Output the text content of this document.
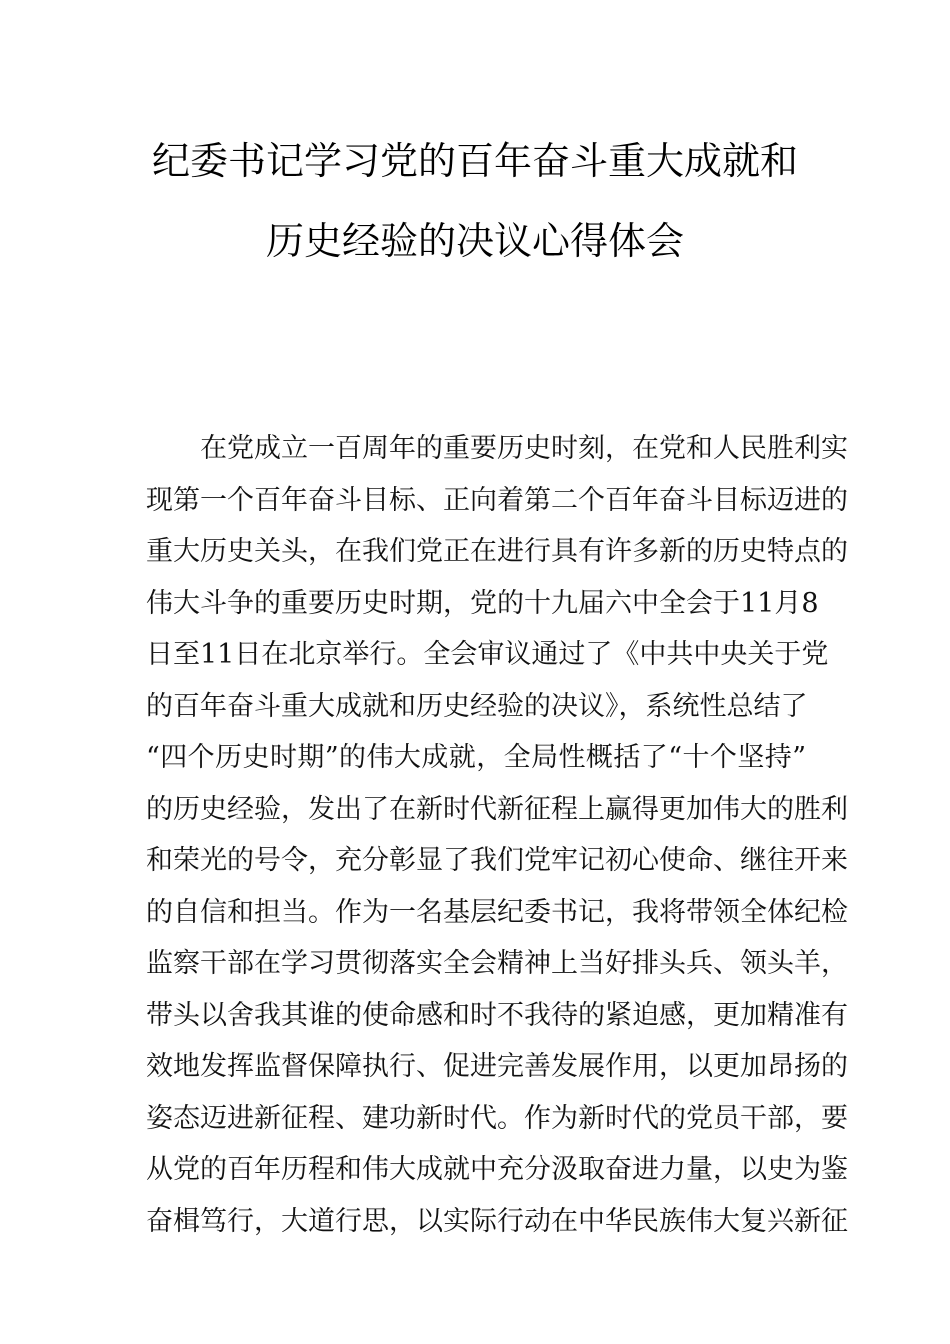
纪委书记学习党的百年奋斗重大成就和
历史经验的决议心得体会
在党成立一百周年的重要历史时刻，在党和人民胜利实
现第一个百年奋斗目标、正向着第二个百年奋斗目标迈进的
重大历史关头，在我们党正在进行具有许多新的历史特点的
伟大斗争的重要历史时期，党的十九届六中全会于11月8
日至11日在北京举行。全会审议通过了《中共中央关于党
的百年奋斗重大成就和历史经验的决议》，系统性总结了
“四个历史时期”的伟大成就，全局性概括了“十个坚持”
的历史经验，发出了在新时代新征程上赢得更加伟大的胜利
和荣光的号令，充分彰显了我们党牢记初心使命、继往开来
的自信和担当。作为一名基层纪委书记，我将带领全体纪检
监察干部在学习贯彻落实全会精神上当好排头兵、领头羊，
带头以舍我其谁的使命感和时不我待的紧迫感，更加精准有
效地发挥监督保障执行、促进完善发展作用，以更加昂扬的
姿态迈进新征程、建功新时代。作为新时代的党员干部，要
从党的百年历程和伟大成就中充分汲取奋进力量，以史为鉴
奋楫笃行，大道行思，以实际行动在中华民族伟大复兴新征
